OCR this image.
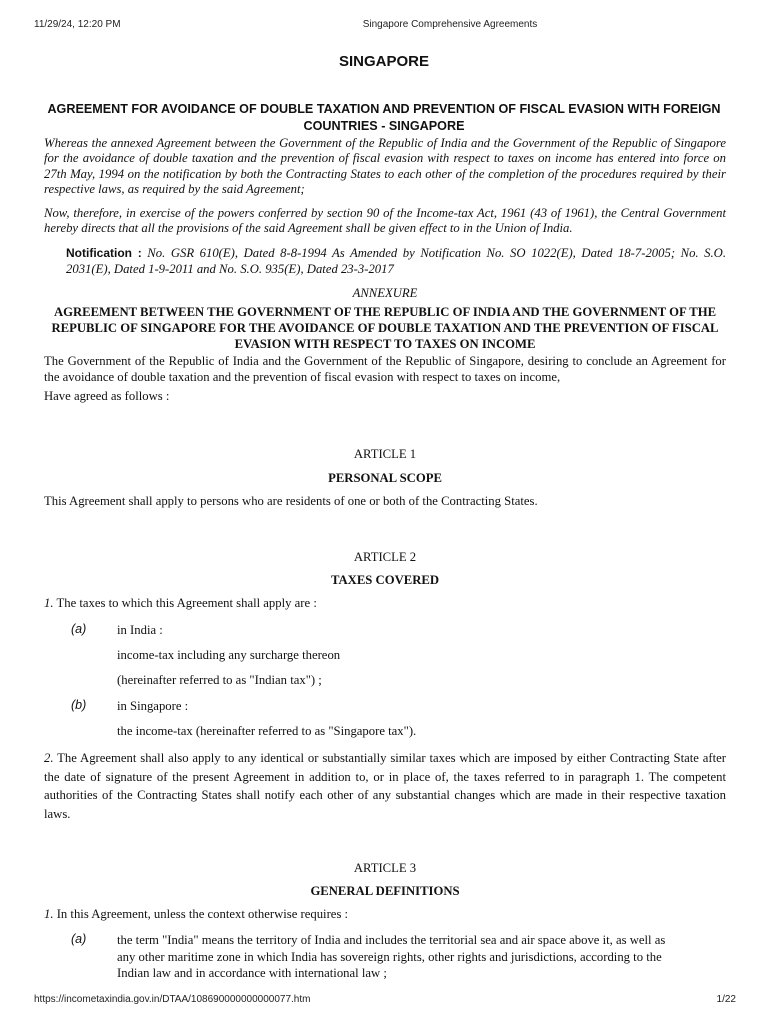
11/29/24, 12:20 PM	Singapore Comprehensive Agreements
SINGAPORE
AGREEMENT FOR AVOIDANCE OF DOUBLE TAXATION AND PREVENTION OF FISCAL EVASION WITH FOREIGN COUNTRIES - SINGAPORE
Whereas the annexed Agreement between the Government of the Republic of India and the Government of the Republic of Singapore for the avoidance of double taxation and the prevention of fiscal evasion with respect to taxes on income has entered into force on 27th May, 1994 on the notification by both the Contracting States to each other of the completion of the procedures required by their respective laws, as required by the said Agreement;
Now, therefore, in exercise of the powers conferred by section 90 of the Income-tax Act, 1961 (43 of 1961), the Central Government hereby directs that all the provisions of the said Agreement shall be given effect to in the Union of India.
Notification : No. GSR 610(E), Dated 8-8-1994 As Amended by Notification No. SO 1022(E), Dated 18-7-2005; No. S.O. 2031(E), Dated 1-9-2011 and No. S.O. 935(E), Dated 23-3-2017
ANNEXURE
AGREEMENT BETWEEN THE GOVERNMENT OF THE REPUBLIC OF INDIA AND THE GOVERNMENT OF THE REPUBLIC OF SINGAPORE FOR THE AVOIDANCE OF DOUBLE TAXATION AND THE PREVENTION OF FISCAL EVASION WITH RESPECT TO TAXES ON INCOME
The Government of the Republic of India and the Government of the Republic of Singapore, desiring to conclude an Agreement for the avoidance of double taxation and the prevention of fiscal evasion with respect to taxes on income,
Have agreed as follows :
ARTICLE 1
PERSONAL SCOPE
This Agreement shall apply to persons who are residents of one or both of the Contracting States.
ARTICLE 2
TAXES COVERED
1. The taxes to which this Agreement shall apply are :
(a) in India :
income-tax including any surcharge thereon
(hereinafter referred to as "Indian tax") ;
(b) in Singapore :
the income-tax (hereinafter referred to as "Singapore tax").
2. The Agreement shall also apply to any identical or substantially similar taxes which are imposed by either Contracting State after the date of signature of the present Agreement in addition to, or in place of, the taxes referred to in paragraph 1. The competent authorities of the Contracting States shall notify each other of any substantial changes which are made in their respective taxation laws.
ARTICLE 3
GENERAL DEFINITIONS
1. In this Agreement, unless the context otherwise requires :
(a) the term "India" means the territory of India and includes the territorial sea and air space above it, as well as any other maritime zone in which India has sovereign rights, other rights and jurisdictions, according to the Indian law and in accordance with international law ;
https://incometaxindia.gov.in/DTAA/108690000000000077.htm	1/22
